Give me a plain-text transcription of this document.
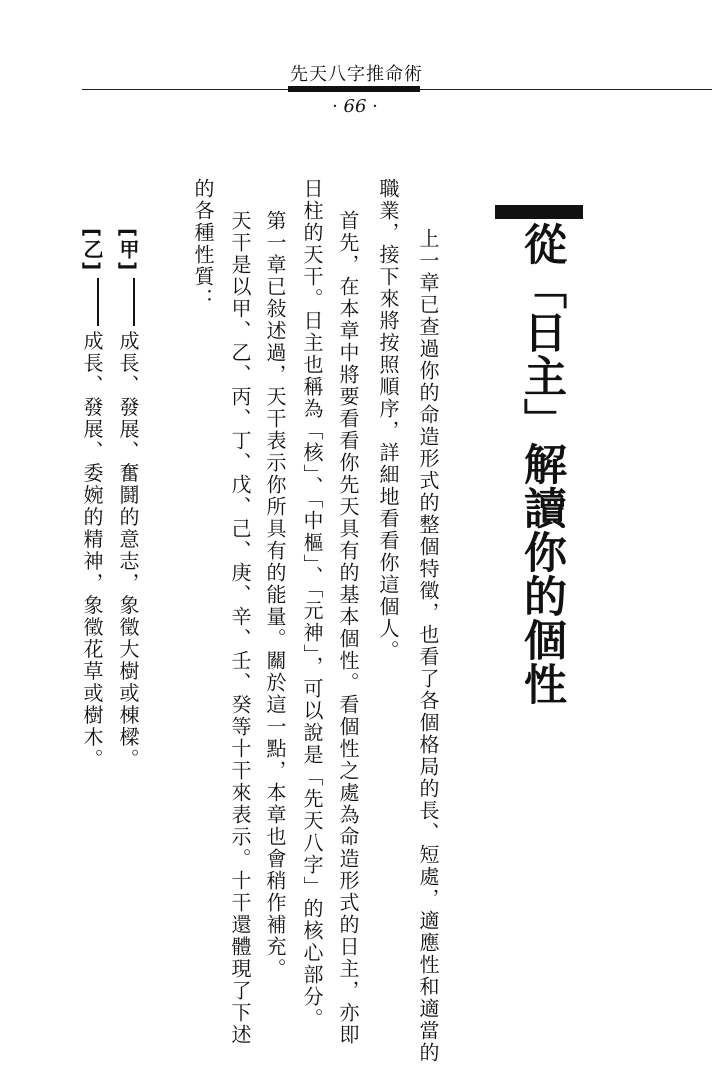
先天八字推命術
· 66 ·
從「日主」解讀你的個性
上一章已查過你的命造形式的整個特徵，也看了各個格局的長、短處，適應性和適當的
職業，接下來將按照順序，詳細地看看你這個人。
首先，在本章中將要看看你先天具有的基本個性。看個性之處為命造形式的日主，亦即
日柱的天干。日主也稱為「核」、「中樞」、「元神」，可以說是「先天八字」的核心部分。
第一章已敍述過，天干表示你所具有的能量。關於這一點，本章也會稍作補充。
天干是以甲、乙、丙、丁、戊、己、庚、辛、壬、癸等十干來表示。十干還體現了下述
的各種性質：
[甲]成長、發展、奮鬪的意志，象徵大樹或棟樑。
[乙]成長、發展、委婉的精神，象徵花草或樹木。
